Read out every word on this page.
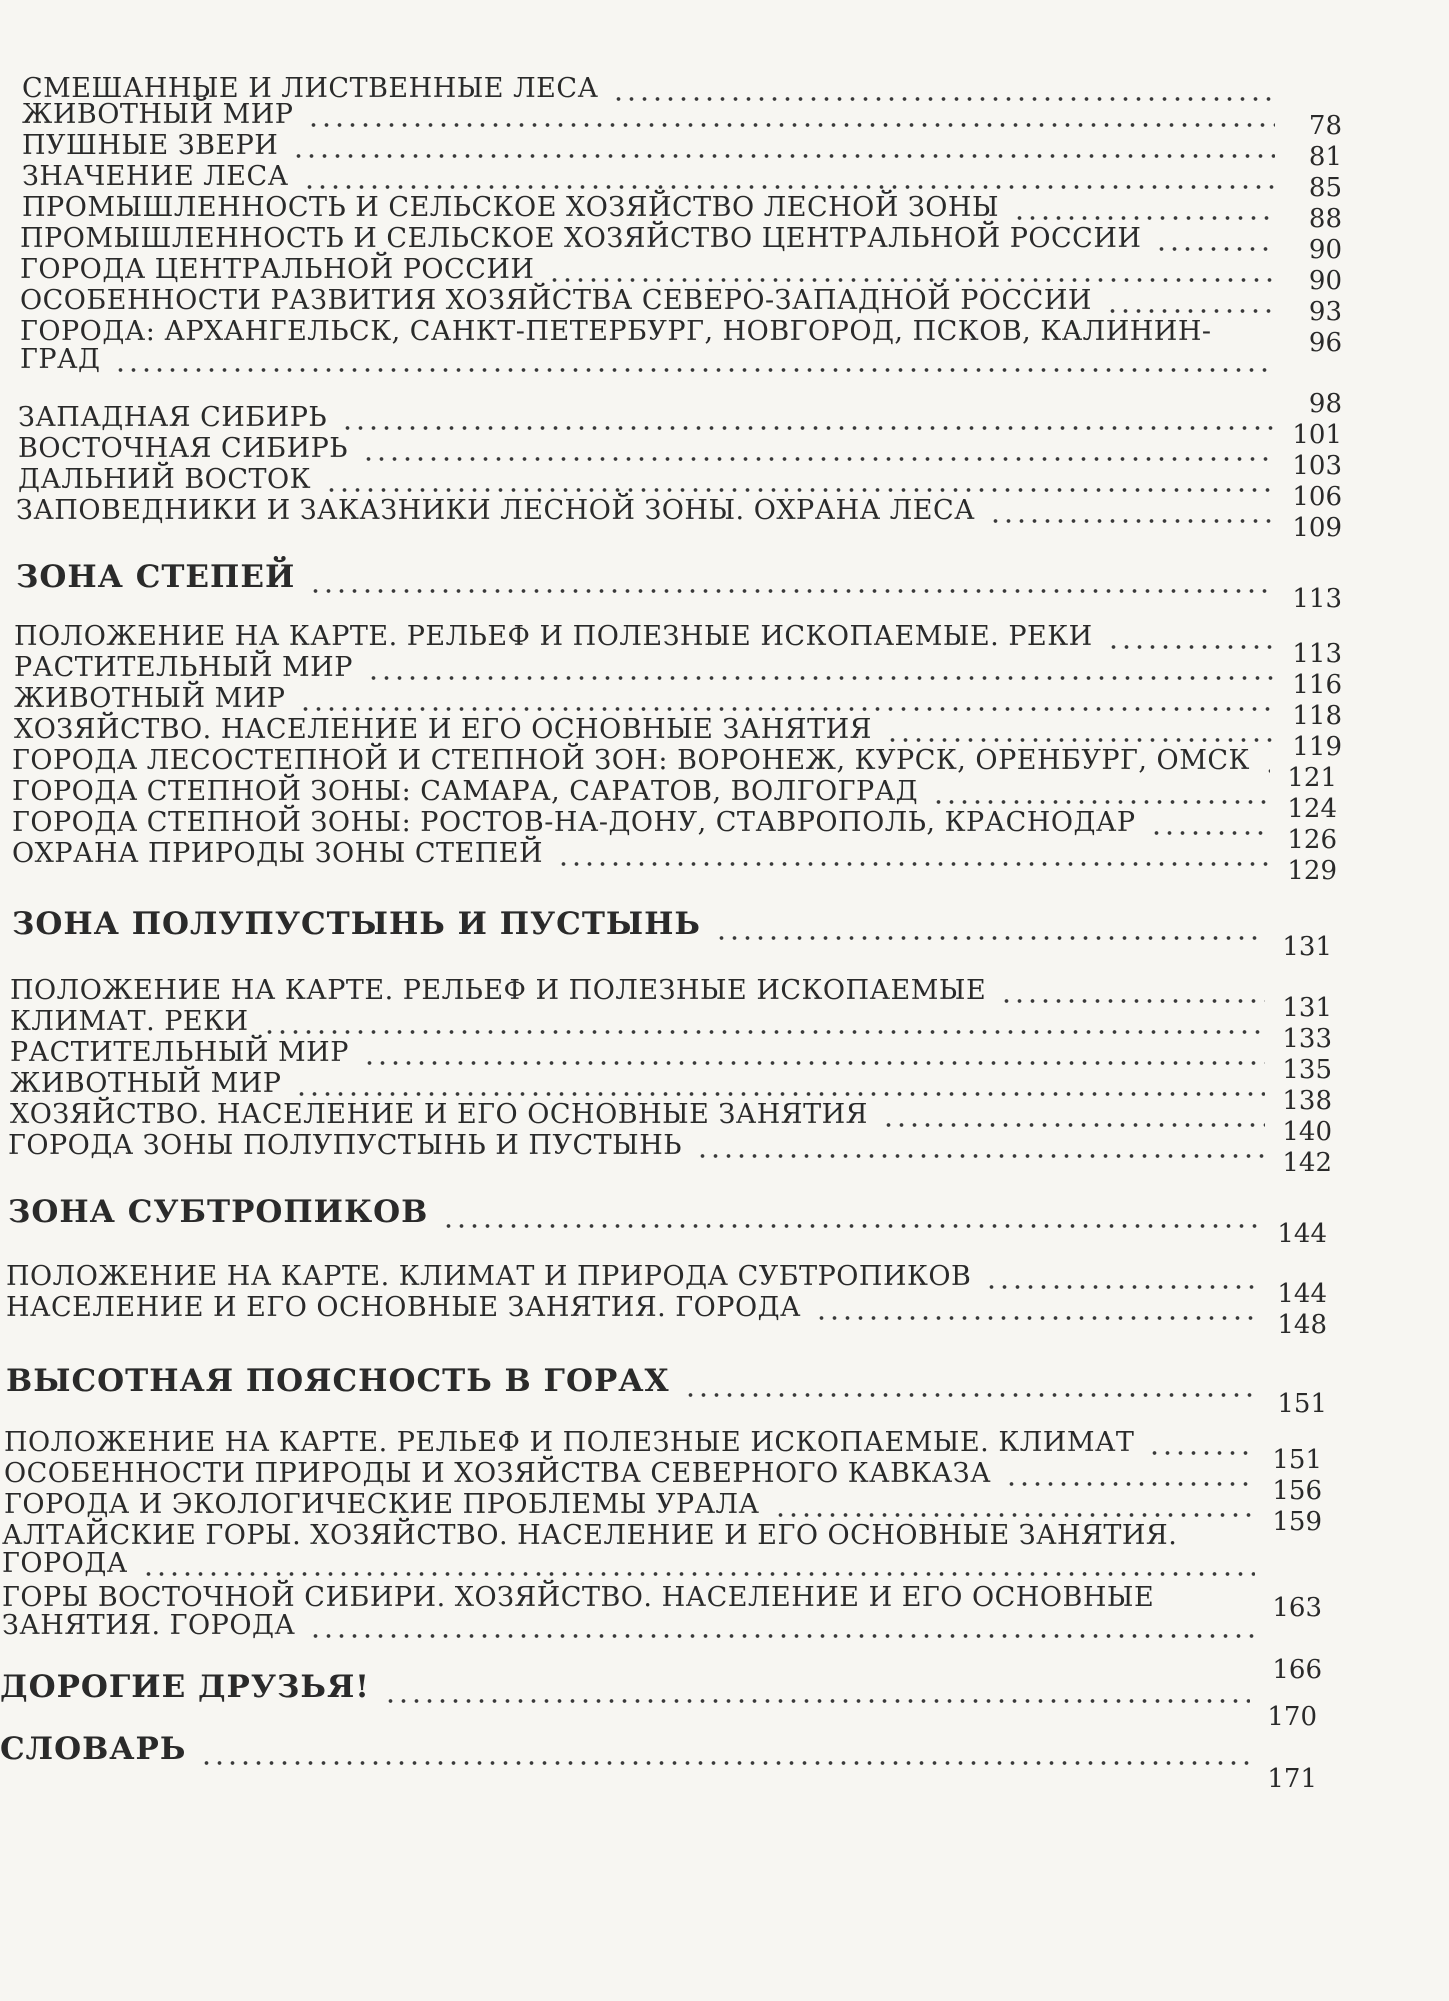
СМЕШАННЫЕ И ЛИСТВЕННЫЕ ЛЕСА
78
ЖИВОТНЫЙ МИР
81
ПУШНЫЕ ЗВЕРИ
85
ЗНАЧЕНИЕ ЛЕСА
88
ПРОМЫШЛЕННОСТЬ И СЕЛЬСКОЕ ХОЗЯЙСТВО ЛЕСНОЙ ЗОНЫ
90
ПРОМЫШЛЕННОСТЬ И СЕЛЬСКОЕ ХОЗЯЙСТВО ЦЕНТРАЛЬНОЙ РОССИИ
90
ГОРОДА ЦЕНТРАЛЬНОЙ РОССИИ
93
ОСОБЕННОСТИ РАЗВИТИЯ ХОЗЯЙСТВА СЕВЕРО-ЗАПАДНОЙ РОССИИ
96
ГОРОДА: АРХАНГЕЛЬСК, САНКТ-ПЕТЕРБУРГ, НОВГОРОД, ПСКОВ, КАЛИНИН-
ГРАД
98
ЗАПАДНАЯ СИБИРЬ
101
ВОСТОЧНАЯ СИБИРЬ
103
ДАЛЬНИЙ ВОСТОК
106
ЗАПОВЕДНИКИ И ЗАКАЗНИКИ ЛЕСНОЙ ЗОНЫ. ОХРАНА ЛЕСА
109
ЗОНА СТЕПЕЙ
113
ПОЛОЖЕНИЕ НА КАРТЕ. РЕЛЬЕФ И ПОЛЕЗНЫЕ ИСКОПАЕМЫЕ. РЕКИ
113
РАСТИТЕЛЬНЫЙ МИР
116
ЖИВОТНЫЙ МИР
118
ХОЗЯЙСТВО. НАСЕЛЕНИЕ И ЕГО ОСНОВНЫЕ ЗАНЯТИЯ
119
ГОРОДА ЛЕСОСТЕПНОЙ И СТЕПНОЙ ЗОН: ВОРОНЕЖ, КУРСК, ОРЕНБУРГ, ОМСК
121
ГОРОДА СТЕПНОЙ ЗОНЫ: САМАРА, САРАТОВ, ВОЛГОГРАД
124
ГОРОДА СТЕПНОЙ ЗОНЫ: РОСТОВ-НА-ДОНУ, СТАВРОПОЛЬ, КРАСНОДАР
126
ОХРАНА ПРИРОДЫ ЗОНЫ СТЕПЕЙ
129
ЗОНА ПОЛУПУСТЫНЬ И ПУСТЫНЬ
131
ПОЛОЖЕНИЕ НА КАРТЕ. РЕЛЬЕФ И ПОЛЕЗНЫЕ ИСКОПАЕМЫЕ
131
КЛИМАТ. РЕКИ
133
РАСТИТЕЛЬНЫЙ МИР
135
ЖИВОТНЫЙ МИР
138
ХОЗЯЙСТВО. НАСЕЛЕНИЕ И ЕГО ОСНОВНЫЕ ЗАНЯТИЯ
140
ГОРОДА ЗОНЫ ПОЛУПУСТЫНЬ И ПУСТЫНЬ
142
ЗОНА СУБТРОПИКОВ
144
ПОЛОЖЕНИЕ НА КАРТЕ. КЛИМАТ И ПРИРОДА СУБТРОПИКОВ
144
НАСЕЛЕНИЕ И ЕГО ОСНОВНЫЕ ЗАНЯТИЯ. ГОРОДА
148
ВЫСОТНАЯ ПОЯСНОСТЬ В ГОРАХ
151
ПОЛОЖЕНИЕ НА КАРТЕ. РЕЛЬЕФ И ПОЛЕЗНЫЕ ИСКОПАЕМЫЕ. КЛИМАТ
151
ОСОБЕННОСТИ ПРИРОДЫ И ХОЗЯЙСТВА СЕВЕРНОГО КАВКАЗА
156
ГОРОДА И ЭКОЛОГИЧЕСКИЕ ПРОБЛЕМЫ УРАЛА
159
АЛТАЙСКИЕ ГОРЫ. ХОЗЯЙСТВО. НАСЕЛЕНИЕ И ЕГО ОСНОВНЫЕ ЗАНЯТИЯ.
ГОРОДА
163
ГОРЫ ВОСТОЧНОЙ СИБИРИ. ХОЗЯЙСТВО. НАСЕЛЕНИЕ И ЕГО ОСНОВНЫЕ
ЗАНЯТИЯ. ГОРОДА
166
ДОРОГИЕ ДРУЗЬЯ!
170
СЛОВАРЬ
171
